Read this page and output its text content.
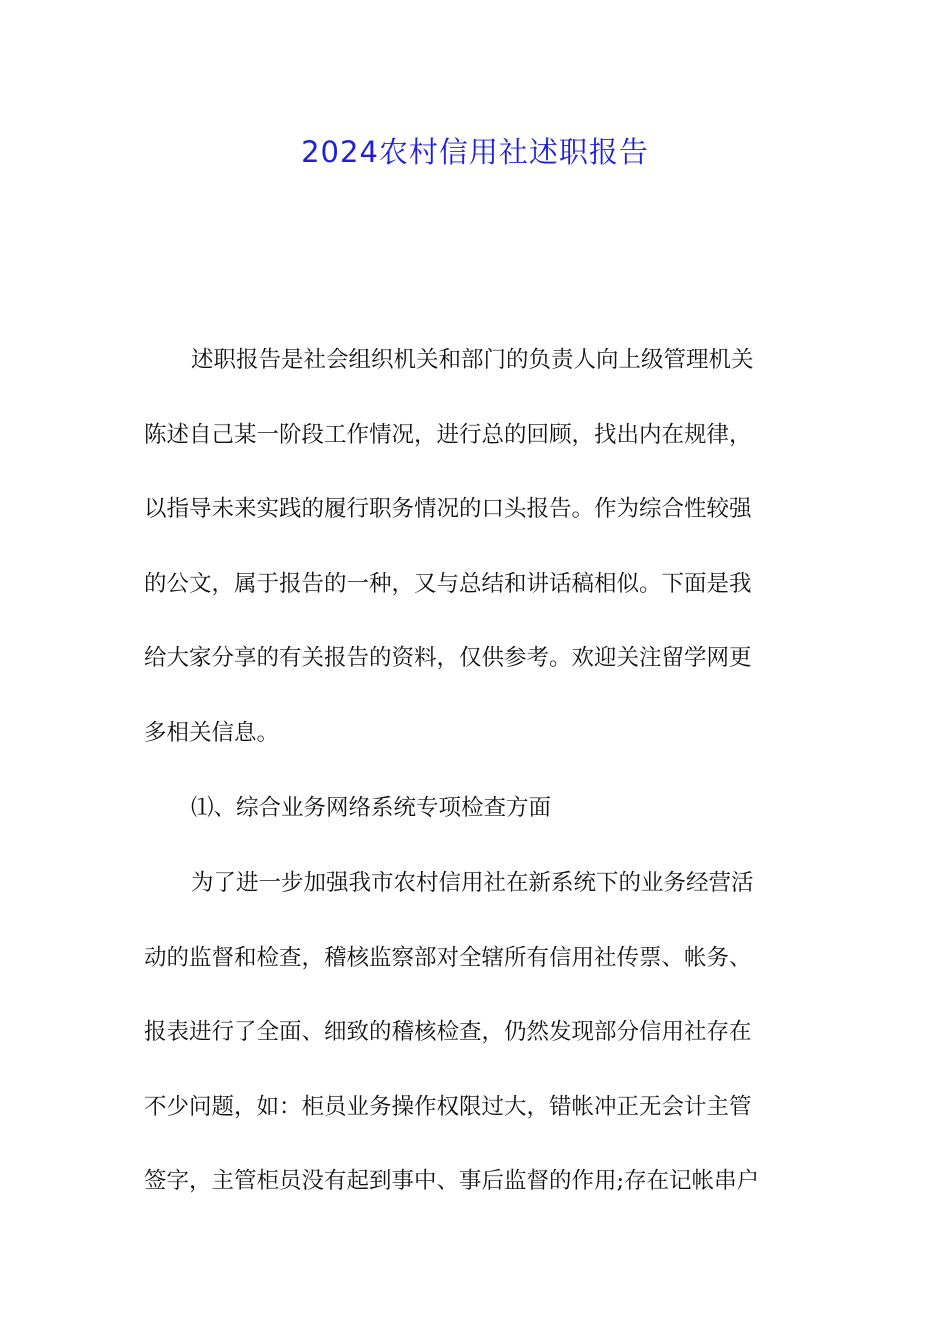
2024农村信用社述职报告
述职报告是社会组织机关和部门的负责人向上级管理机关
陈述自己某一阶段工作情况，进行总的回顾，找出内在规律，
以指导未来实践的履行职务情况的口头报告。作为综合性较强
的公文，属于报告的一种，又与总结和讲话稿相似。下面是我
给大家分享的有关报告的资料，仅供参考。欢迎关注留学网更
多相关信息。
⑴、综合业务网络系统专项检查方面
为了进一步加强我市农村信用社在新系统下的业务经营活
动的监督和检查，稽核监察部对全辖所有信用社传票、帐务、
报表进行了全面、细致的稽核检查，仍然发现部分信用社存在
不少问题，如：柜员业务操作权限过大，错帐冲正无会计主管
签字，主管柜员没有起到事中、事后监督的作用;存在记帐串户
